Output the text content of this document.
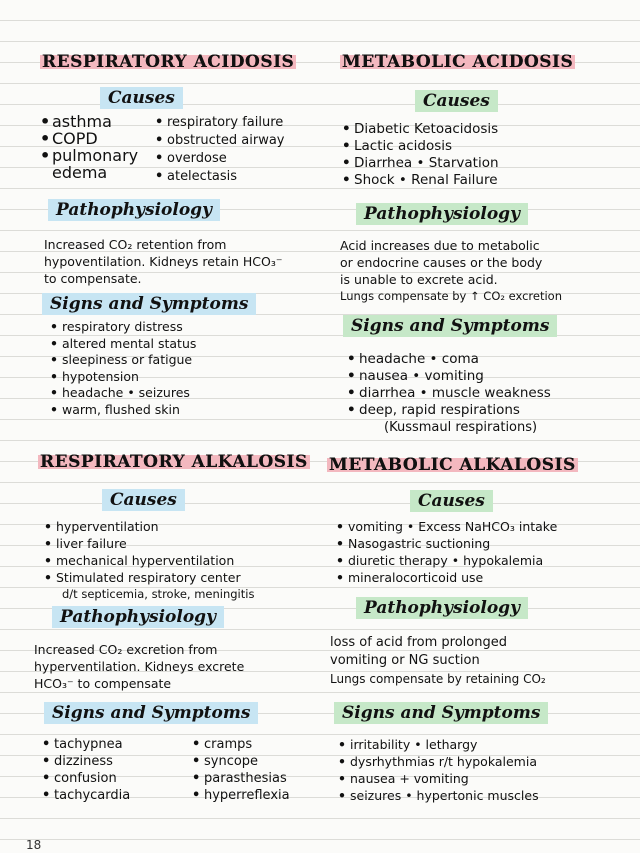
RESPIRATORY ACIDOSIS	METABOLIC ACIDOSIS
Causes
• asthma
• COPD
• pulmonary
edema
• respiratory failure
• obstructed airway
• overdose
• atelectasis
Pathophysiology
Increased CO₂ retention from
hypoventilation. Kidneys retain HCO₃⁻
to compensate.
Signs and Symptoms
• respiratory distress
• altered mental status
• sleepiness or fatigue
• hypotension
• headache • seizures
• warm, flushed skin
Causes
• Diabetic Ketoacidosis
• Lactic acidosis
• Diarrhea • Starvation
• Shock • Renal Failure
Pathophysiology
Acid increases due to metabolic
or endocrine causes or the body
is unable to excrete acid.
Lungs compensate by ↑ CO₂ excretion
Signs and Symptoms
• headache • coma
• nausea • vomiting
• diarrhea • muscle weakness
• deep, rapid respirations
(Kussmaul respirations)
RESPIRATORY ALKALOSIS METABOLIC ALKALOSIS
Causes
• hyperventilation
• liver failure
• mechanical hyperventilation
• Stimulated respiratory center
d/t septicemia, stroke, meningitis
Pathophysiology
Increased CO₂ excretion from
hyperventilation. Kidneys excrete
HCO₃⁻ to compensate
Signs and Symptoms
• tachypnea
• dizziness
• confusion
• tachycardia
• cramps
• syncope
• parasthesias
• hyperreflexia
Causes
• vomiting • Excess NaHCO₃ intake
• Nasogastric suctioning
• diuretic therapy • hypokalemia
• mineralocorticoid use
Pathophysiology
loss of acid from prolonged
vomiting or NG suction
Lungs compensate by retaining CO₂
Signs and Symptoms
• irritability • lethargy
• dysrhythmias r/t hypokalemia
• nausea + vomiting
• seizures • hypertonic muscles
18
